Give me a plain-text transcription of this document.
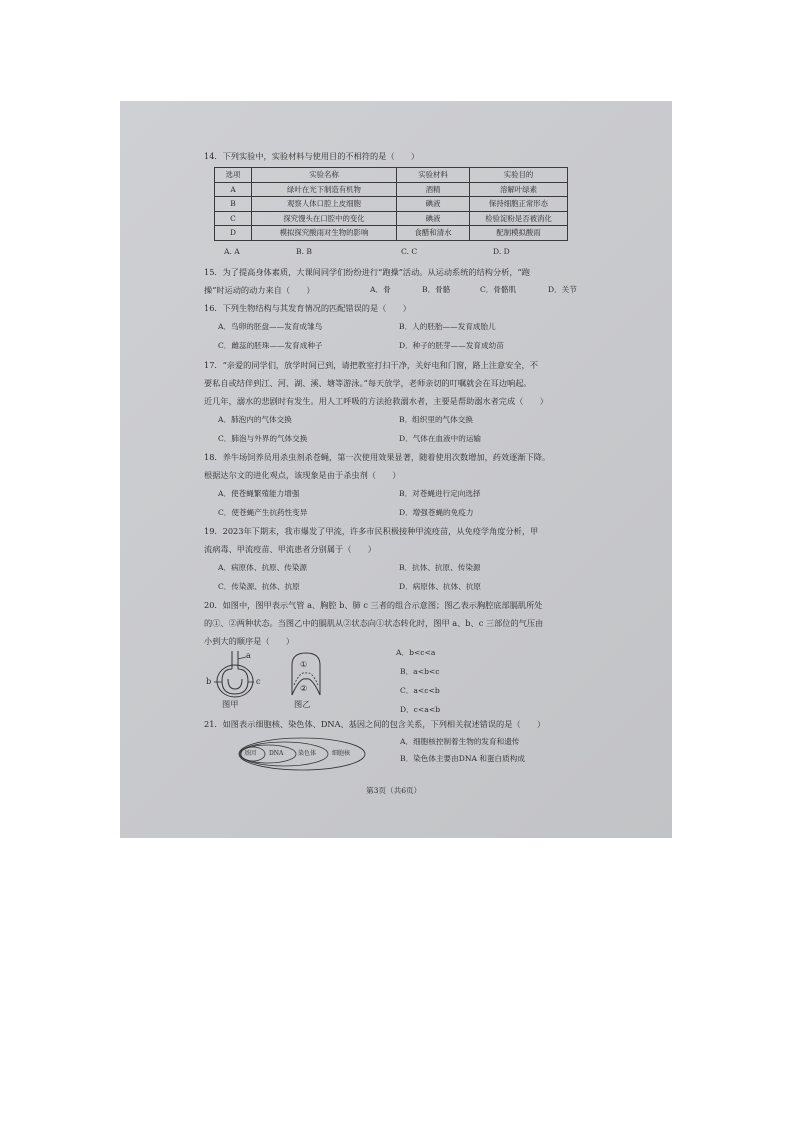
14．下列实验中，实验材料与使用目的不相符的是（　　）
选项	实验名称	实验材料	实验目的
A	绿叶在光下制造有机物	酒精	溶解叶绿素
B	观察人体口腔上皮细胞	碘液	保持细胞正常形态
C	探究馒头在口腔中的变化	碘液	检验淀粉是否被消化
D	模拟探究酸雨对生物的影响	食醋和清水	配制模拟酸雨
A. A	B. B	C. C	D. D
15．为了提高身体素质，大课间同学们纷纷进行“跑操”活动。从运动系统的结构分析，“跑
操”时运动的动力来自（　　）	A．骨	B．骨骼	C．骨骼肌	D．关节
16．下列生物结构与其发育情况的匹配错误的是（　　）
A．鸟卵的胚盘——发育成雏鸟	B．人的胚胎——发育成胎儿
C．雌蕊的胚珠——发育成种子	D．种子的胚芽——发育成幼苗
17．“亲爱的同学们，放学时间已到，请把教室打扫干净，关好电和门窗，路上注意安全，不
要私自或结伴到江、河、湖、溪、塘等游泳。”每天放学，老师亲切的叮嘱就会在耳边响起。
近几年，溺水的悲剧时有发生。用人工呼吸的方法抢救溺水者，主要是帮助溺水者完成（　　）
A．肺泡内的气体交换	B．组织里的气体交换
C．肺泡与外界的气体交换	D．气体在血液中的运输
18．养牛场饲养员用杀虫剂杀苍蝇，第一次使用效果显著，随着使用次数增加，药效逐渐下降。
根据达尔文的进化观点，该现象是由于杀虫剂（　　）
A．使苍蝇繁殖能力增强	B．对苍蝇进行定向选择
C．使苍蝇产生抗药性变异	D．增强苍蝇的免疫力
19．2023年下期末，我市爆发了甲流，许多市民积极接种甲流疫苗，从免疫学角度分析，甲
流病毒、甲流疫苗、甲流患者分别属于（　　）
A．病原体、抗原、传染源	B．抗体、抗原、传染源
C．传染源、抗体、抗原	D．病原体、抗体、抗原
20．如图中，图甲表示气管 a、胸腔 b、肺 c 三者的组合示意图；图乙表示胸腔底部膈肌所处
的①、②两种状态。当图乙中的膈肌从②状态向①状态转化时，图甲 a、b、c 三部位的气压由
小到大的顺序是（　　）
a
b	c
图甲
①
②
图乙
A．b<c<a
B．a<b<c
C．a<c<b
D．c<a<b
21．如图表示细胞核、染色体、DNA、基因之间的包含关系，下列相关叙述错误的是（　　）
基因 DNA 染色体	细胞核
A．细胞核控制着生物的发育和遗传
B．染色体主要由DNA 和蛋白质构成
第3页（共6页）
